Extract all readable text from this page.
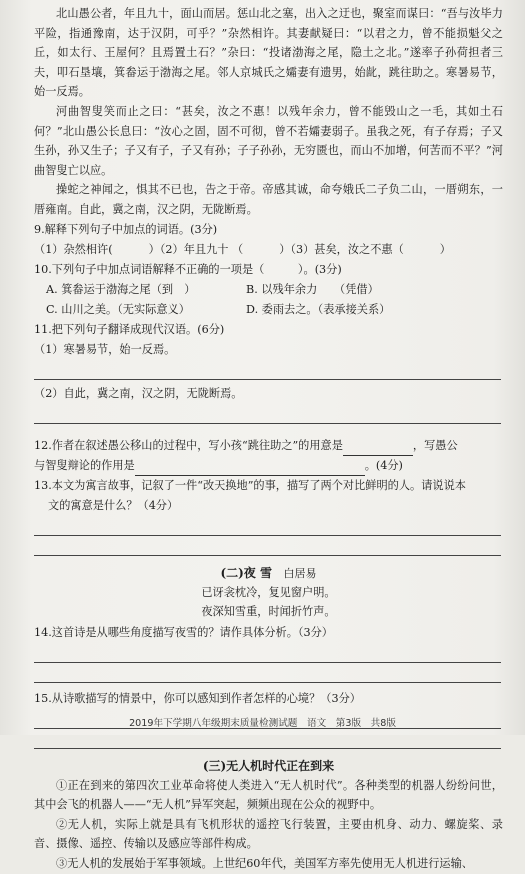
北山愚公者，年且九十，面山而居。惩山北之塞，出入之迂也，聚室而谋曰：“吾与汝毕力平险，指通豫南，达于汉阴，可乎？”杂然相许。其妻献疑曰：“以君之力，曾不能损魁父之丘，如太行、王屋何？且焉置土石？”杂曰：“投诸渤海之尾，隐土之北。”遂率子孙荷担者三夫，叩石垦壤，箕畚运于渤海之尾。邻人京城氏之孀妻有遗男，始龀，跳往助之。寒暑易节，始一反焉。

河曲智叟笑而止之曰：“甚矣，汝之不惠！以残年余力，曾不能毁山之一毛，其如土石何？”北山愚公长息曰：“汝心之固，固不可彻，曾不若孀妻弱子。虽我之死，有子存焉；子又生孙，孙又生子；子又有子，子又有孙；子子孙孙，无穷匮也，而山不加增，何苦而不平？”河曲智叟亡以应。

操蛇之神闻之，惧其不已也，告之于帝。帝感其诚，命夸娥氏二子负二山，一厝朔东，一厝雍南。自此，冀之南，汉之阴，无陇断焉。

9.解释下列句子中加点的词语。(3分)

（1）杂然相许(	）（2）年且九十 （	）（3）甚矣，汝之不惠（	）

10.下列句子中加点词语解释不正确的一项是（　　　）。(3分)

A. 箕畚运于渤海之尾（到　）	B. 以残年余力　　（凭借）
C. 山川之美。（无实际意义）	D. 委雨去之。（表承接关系）

11.把下列句子翻译成现代汉语。(6分)

（1）寒暑易节，始一反焉。

（2）自此，冀之南，汉之阴，无陇断焉。

12.作者在叙述愚公移山的过程中，写小孩“跳往助之”的用意是	，写愚公
与智叟辩论的作用是	。(4分)

13.本文为寓言故事，记叙了一件“改天换地”的事，描写了两个对比鲜明的人。请说说本

文的寓意是什么？（4分）

(二)夜 雪 白居易

已讶衾枕冷，复见窗户明。

夜深知雪重，时闻折竹声。

14.这首诗是从哪些角度描写夜雪的？请作具体分析。（3分）

15.从诗歌描写的情景中，你可以感知到作者怎样的心境？（3分）

(三)无人机时代正在到来

①正在到来的第四次工业革命将使人类进入“无人机时代”。各种类型的机器人纷纷问世，其中会飞的机器人——“无人机”异军突起，频频出现在公众的视野中。

②无人机，实际上就是具有飞机形状的遥控飞行装置，主要由机身、动力、螺旋桨、录音、摄像、遥控、传输以及感应等部件构成。

③无人机的发展始于军事领域。上世纪60年代，美国军方率先使用无人机进行运输、

2019年下学期八年级期末质量检测试题　语文　第3版　共8版
